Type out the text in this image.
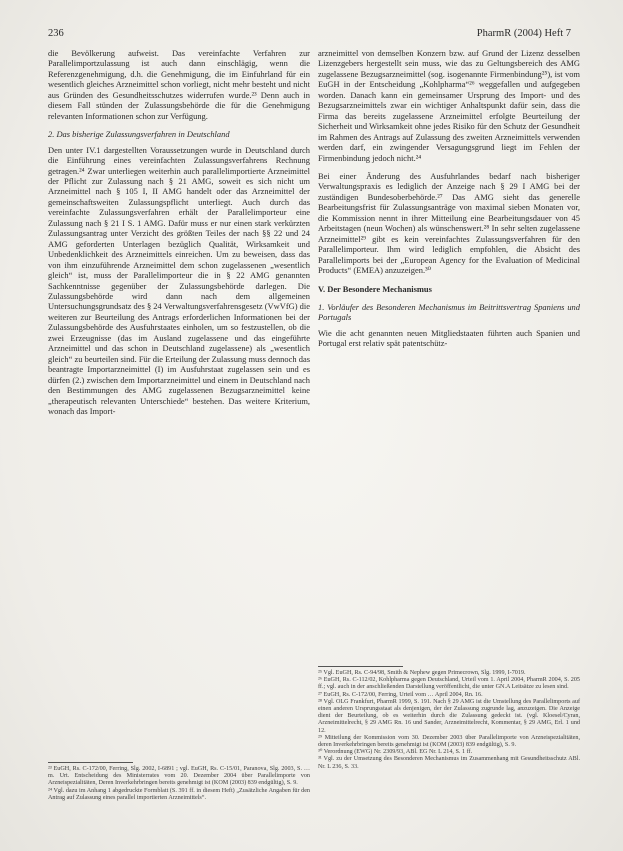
236	PharmR (2004) Heft 7

die Bevölkerung aufweist. Das vereinfachte Verfahren zur Parallelimportzulassung ist auch dann einschlägig, wenn die Referenzgenehmigung, d.h. die Genehmigung, die im Einfuhrland für ein wesentlich gleiches Arzneimittel schon vorliegt, nicht mehr besteht und nicht aus Gründen des Gesundheitsschutzes widerrufen wurde.²³ Denn auch in diesem Fall stünden der Zulassungsbehörde die für die Genehmigung relevanten Informationen schon zur Verfügung.

2. Das bisherige Zulassungsverfahren in Deutschland

Den unter IV.1 dargestellten Voraussetzungen wurde in Deutschland durch die Einführung eines vereinfachten Zulassungsverfahrens Rechnung getragen.²⁴ Zwar unterliegen weiterhin auch parallelimportierte Arzneimittel der Pflicht zur Zulassung nach § 21 AMG, soweit es sich nicht um Arzneimittel nach § 105 I, II AMG handelt oder das Arzneimittel der gemeinschaftsweiten Zulassungspflicht unterliegt. Auch durch das vereinfachte Zulassungsverfahren erhält der Parallelimporteur eine Zulassung nach § 21 I S. 1 AMG. Dafür muss er nur einen stark verkürzten Zulassungsantrag unter Verzicht des größten Teiles der nach §§ 22 und 24 AMG geforderten Unterlagen bezüglich Qualität, Wirksamkeit und Unbedenklichkeit des Arzneimittels einreichen. Um zu beweisen, dass das von ihm einzuführende Arzneimittel dem schon zugelassenen „wesentlich gleich“ ist, muss der Parallelimporteur die in § 22 AMG genannten Sachkenntnisse gegenüber der Zulassungsbehörde darlegen. Die Zulassungsbehörde wird dann nach dem allgemeinen Untersuchungsgrundsatz des § 24 Verwaltungsverfahrensgesetz (VwVfG) die weiteren zur Beurteilung des Antrags erforderlichen Informationen bei der Zulassungsbehörde des Ausfuhrstaates einholen, um so festzustellen, ob die zwei Erzeugnisse (das im Ausland zugelassene und das eingeführte Arzneimittel und das schon in Deutschland zugelassene) als „wesentlich gleich“ zu beurteilen sind. Für die Erteilung der Zulassung muss dennoch das beantragte Importarzneimittel (I) im Ausfuhrstaat zugelassen sein und es dürfen (2.) zwischen dem Importarzneimittel und einem in Deutschland nach den Bestimmungen des AMG zugelassenen Bezugsarzneimittel keine „therapeutisch relevanten Unterschiede“ bestehen. Das weitere Kriterium, wonach das Import-

arzneimittel von demselben Konzern bzw. auf Grund der Lizenz desselben Lizenzgebers hergestellt sein muss, wie das zu Geltungsbereich des AMG zugelassene Bezugsarzneimittel (sog. isogenannte Firmenbindung²⁵), ist vom EuGH in der Entscheidung „Kohlpharma“²⁶ weggefallen und aufgegeben worden. Danach kann ein gemeinsamer Ursprung des Import- und des Bezugsarzneimittels zwar ein wichtiger Anhaltspunkt dafür sein, dass die Firma das bereits zugelassene Arzneimittel erfolgte Beurteilung der Sicherheit und Wirksamkeit ohne jedes Risiko für den Schutz der Gesundheit im Rahmen des Antrags auf Zulassung des zweiten Arzneimittels verwenden werden darf, ein zwingender Versagungsgrund liegt im Fehlen der Firmenbindung jedoch nicht.²⁴

Bei einer Änderung des Ausfuhrlandes bedarf nach bisheriger Verwaltungspraxis es lediglich der Anzeige nach § 29 I AMG bei der zuständigen Bundesoberbehörde.²⁷ Das AMG sieht das generelle Bearbeitungsfrist für Zulassungsanträge von maximal sieben Monaten vor, die Kommission nennt in ihrer Mitteilung eine Bearbeitungsdauer von 45 Arbeitstagen (neun Wochen) als wünschenswert.²⁸ In sehr selten zugelassene Arzneimittel²⁹ gibt es kein vereinfachtes Zulassungsverfahren für den Parallelimporteur. Ihm wird lediglich empfohlen, die Absicht des Parallelimports bei der „European Agency for the Evaluation of Medicinal Products“ (EMEA) anzuzeigen.³⁰

V. Der Besondere Mechanismus

1. Vorläufer des Besonderen Mechanismus im Beitrittsvertrag Spaniens und Portugals

Wie die acht genannten neuen Mitgliedstaaten führten auch Spanien und Portugal erst relativ spät patentschütz-

²³ EuGH, Rs. C-172/00, Ferring, Slg. 2002, I-6891 ; vgl. EuGH, Rs. C-15/01, Paranova, Slg. 2003, S. … m. Urt. Entscheidung des Ministerrates vom 20. Dezember 2004 über Parallelimporte von Arzneispezialitäten, Deren Inverkehrbringen bereits genehmigt ist (KOM (2003) 839 endgültig), S. 9.

²⁴ Vgl. dazu im Anhang 1 abgedruckte Formblatt (S. 391 ff. in diesem Heft) „Zusätzliche Angaben für den Antrag auf Zulassung eines parallel importierten Arzneimittels“.

²⁵ Vgl. EuGH, Rs. C-94/98, Smith & Nephew gegen Primecrown, Slg. 1999, I-7019.

²⁶ EuGH, Rs. C-112/02, Kohlpharma gegen Deutschland, Urteil vom 1. April 2004, PharmR 2004, S. 205 ff.; vgl. auch in der anschließenden Darstellung veröffentlicht, die unter GN.A Leitsätze zu lesen sind.

²⁷ EuGH, Rs. C-172/00, Ferring, Urteil vom … April 2004, Rn. 16.

²⁸ Vgl. OLG Frankfurt, PharmR 1999, S. 191. Nach § 29 AMG ist die Umstellung des Parallelimports auf einen anderen Ursprungsstaat als denjenigen, der der Zulassung zugrunde lag, anzuzeigen. Die Anzeige dient der Beurteilung, ob es weiterhin durch die Zulassung gedeckt ist. (vgl. Kloesel/Cyran, Arzneimittelrecht, § 29 AMG Rn. 16 und Sander, Arzneimittelrecht, Kommentar, § 29 AMG, Erl. 1 und 12.

²⁹ Mitteilung der Kommission vom 30. Dezember 2003 über Parallelimporte von Arzneispezialitäten, deren Inverkehrbringen bereits genehmigt ist (KOM (2003) 839 endgültig), S. 9.

³⁰ Verordnung (EWG) Nr. 2309/93, ABl. EG Nr. L 214, S. 1 ff.

³¹ Vgl. zu der Umsetzung des Besonderen Mechanismus im Zusammenhang mit Gesundheitsschutz ABl. Nr. L 236, S. 33.
